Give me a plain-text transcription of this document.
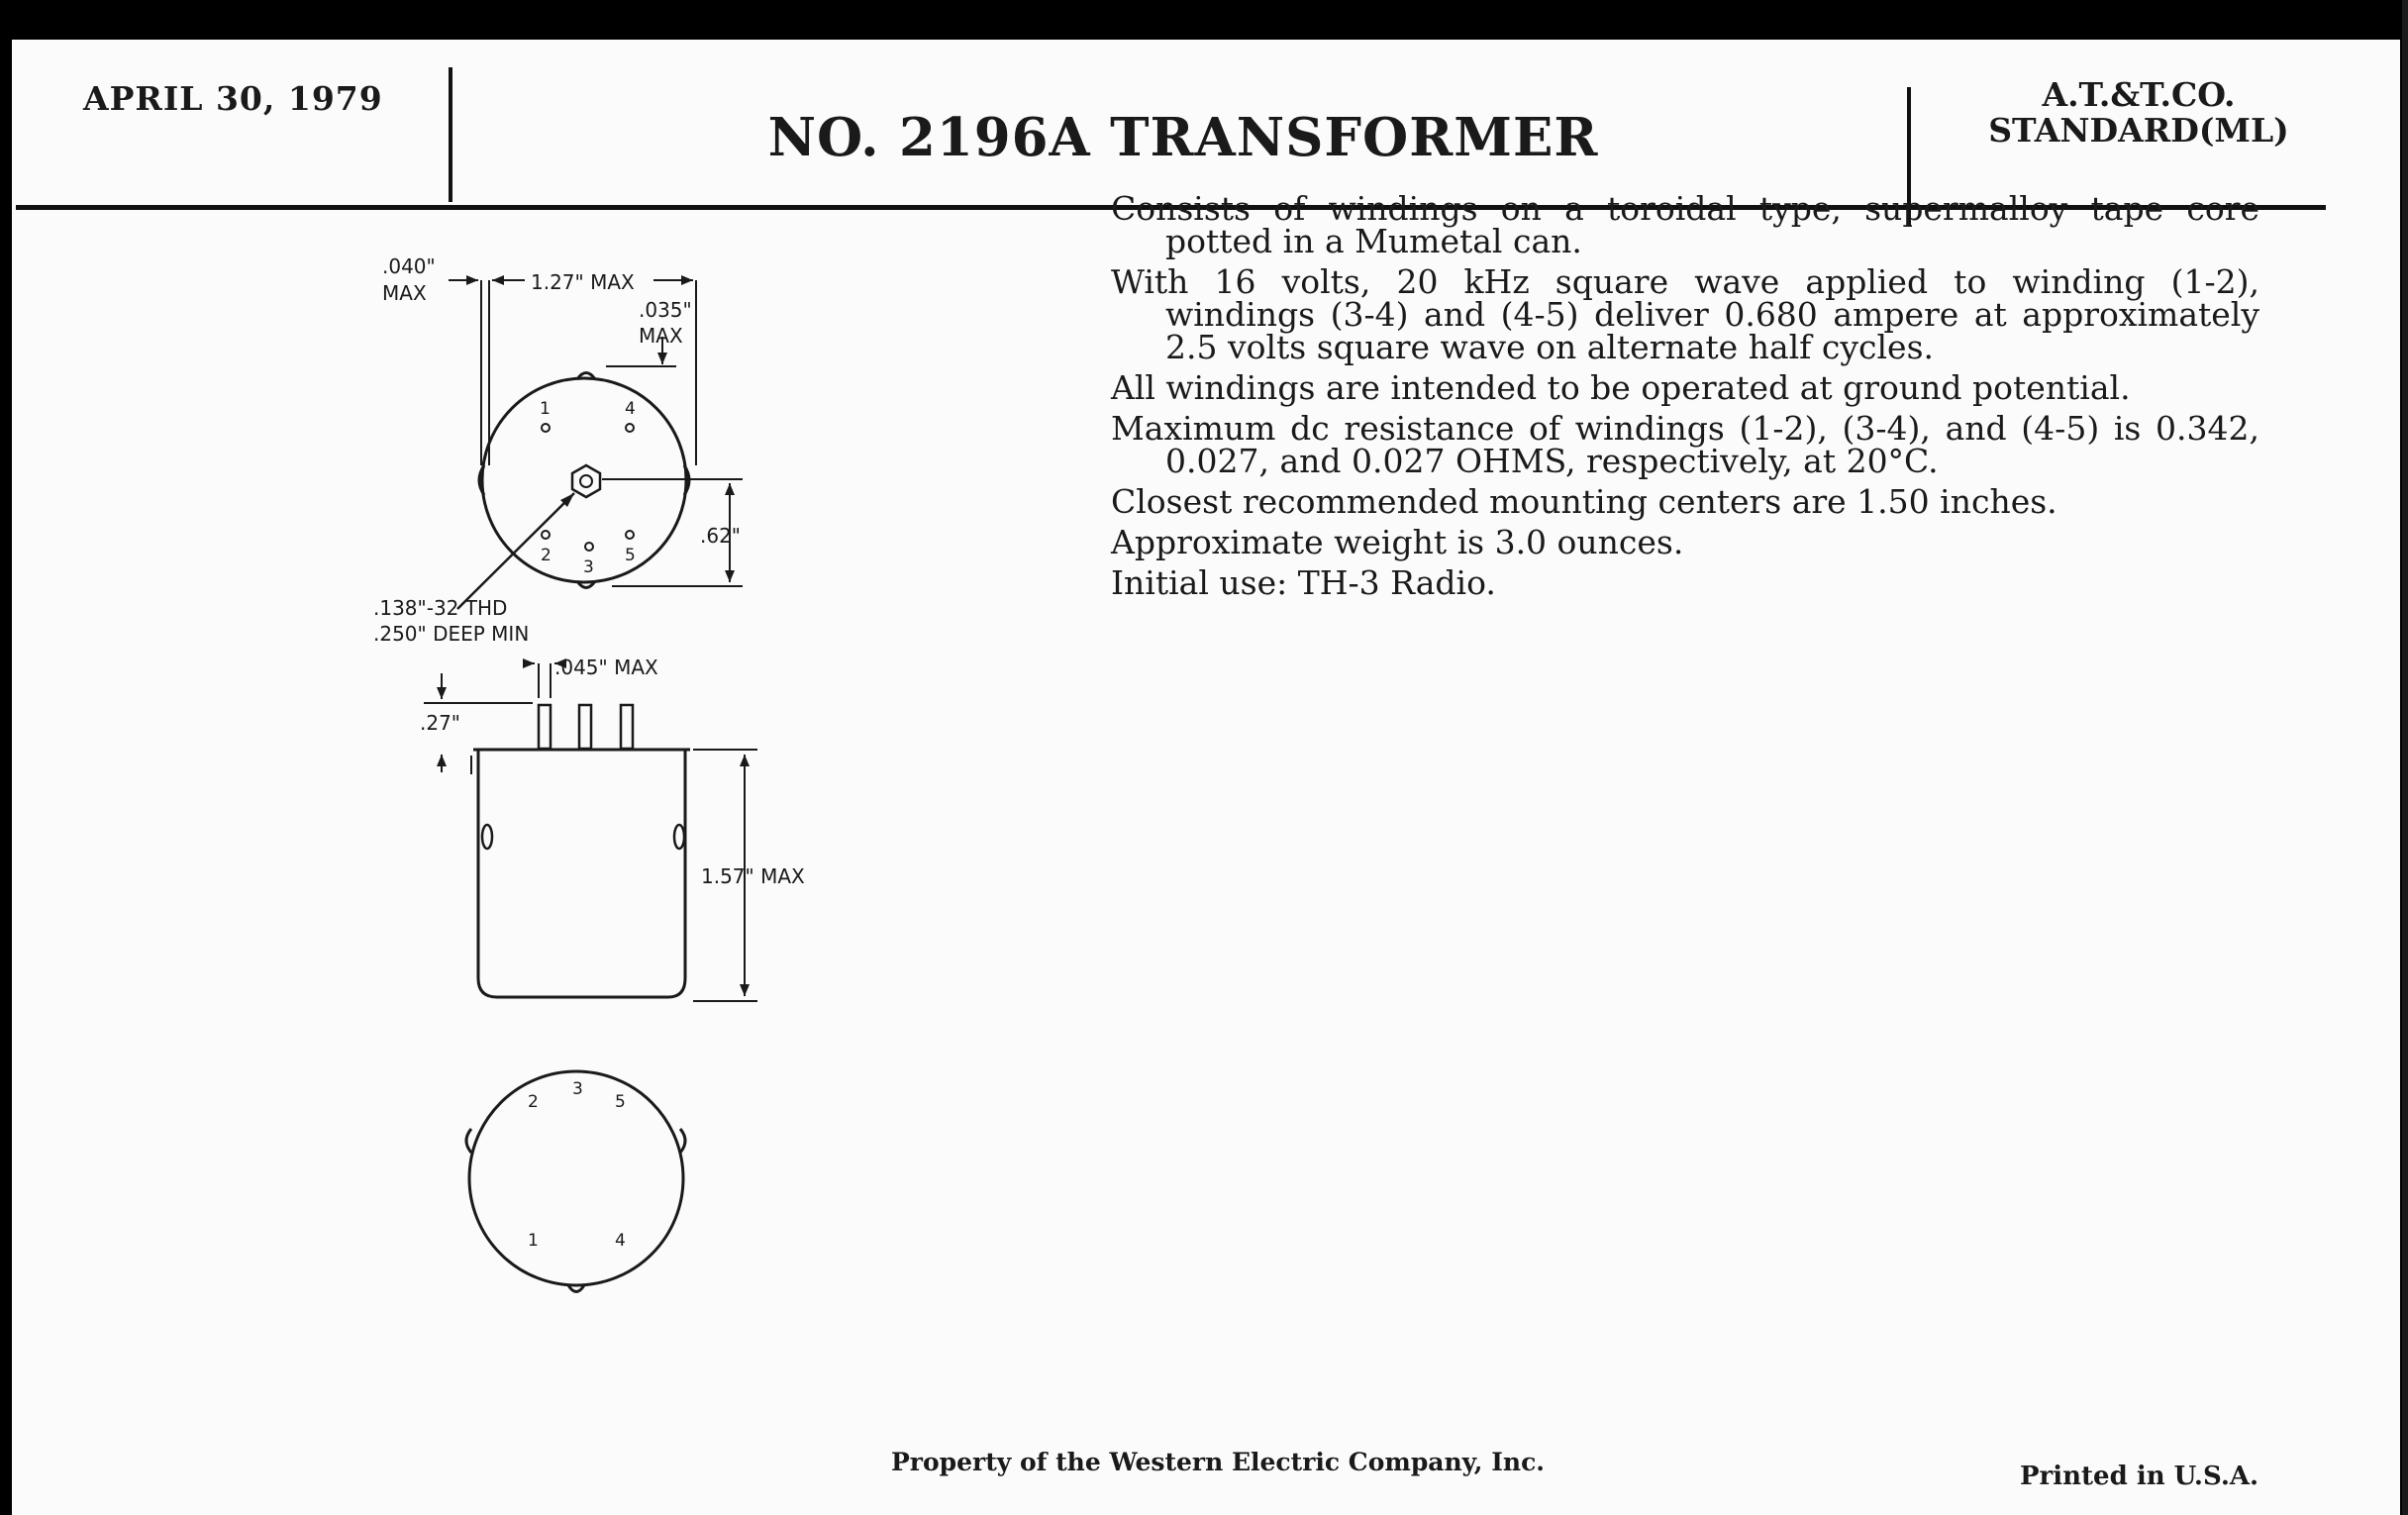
APRIL 30, 1979
NO. 2196A TRANSFORMER
A.T.&T.CO.
STANDARD(ML)
.040"
MAX	1.27" MAX
.035"
MAX
.62"
.138"-32 THD
.250" DEEP MIN
.045" MAX
.27"
1.57" MAX
1	4
2
3
5
2
3
5
1	4

Consists of windings on a toroidal type, supermalloy tape core potted in a Mumetal can.

With 16 volts, 20 kHz square wave applied to winding (1-2), windings (3-4) and (4-5) deliver 0.680 ampere at approximately 2.5 volts square wave on alternate half cycles.

All windings are intended to be operated at ground potential.

Maximum dc resistance of windings (1-2), (3-4), and (4-5) is 0.342, 0.027, and 0.027 OHMS, respectively, at 20°C.

Closest recommended mounting centers are 1.50 inches.

Approximate weight is 3.0 ounces.

Initial use: TH-3 Radio.

Property of the Western Electric Company, Inc.	Printed in U.S.A.
